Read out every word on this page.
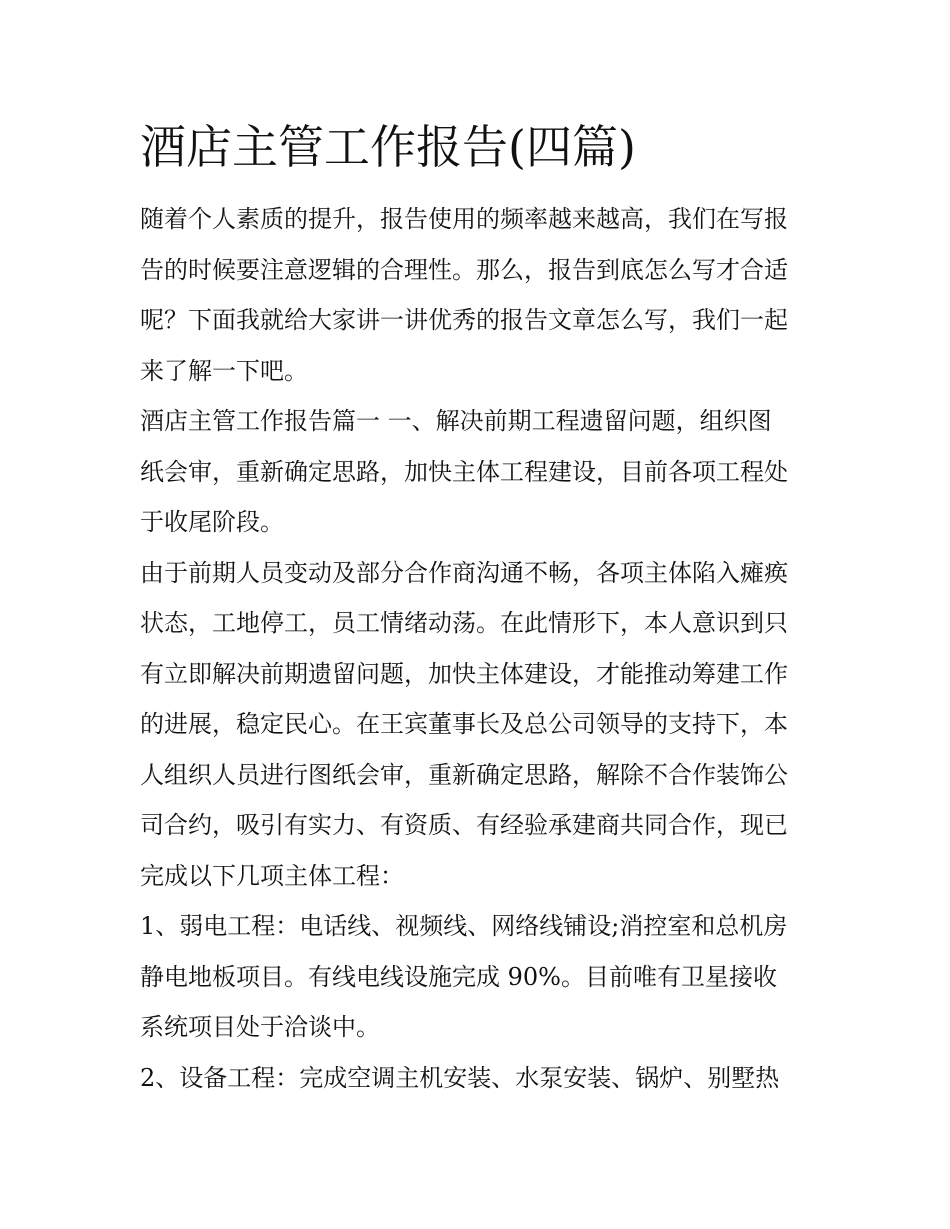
酒店主管工作报告(四篇)
随着个人素质的提升，报告使用的频率越来越高，我们在写报
告的时候要注意逻辑的合理性。那么，报告到底怎么写才合适
呢？下面我就给大家讲一讲优秀的报告文章怎么写，我们一起
来了解一下吧。
酒店主管工作报告篇一 一、解决前期工程遗留问题，组织图
纸会审，重新确定思路，加快主体工程建设，目前各项工程处
于收尾阶段。
由于前期人员变动及部分合作商沟通不畅，各项主体陷入瘫痪
状态，工地停工，员工情绪动荡。在此情形下，本人意识到只
有立即解决前期遗留问题，加快主体建设，才能推动筹建工作
的进展，稳定民心。在王宾董事长及总公司领导的支持下，本
人组织人员进行图纸会审，重新确定思路，解除不合作装饰公
司合约，吸引有实力、有资质、有经验承建商共同合作，现已
完成以下几项主体工程：
1、弱电工程：电话线、视频线、网络线铺设;消控室和总机房
静电地板项目。有线电线设施完成 90%。目前唯有卫星接收
系统项目处于洽谈中。
2、设备工程：完成空调主机安装、水泵安装、锅炉、别墅热
